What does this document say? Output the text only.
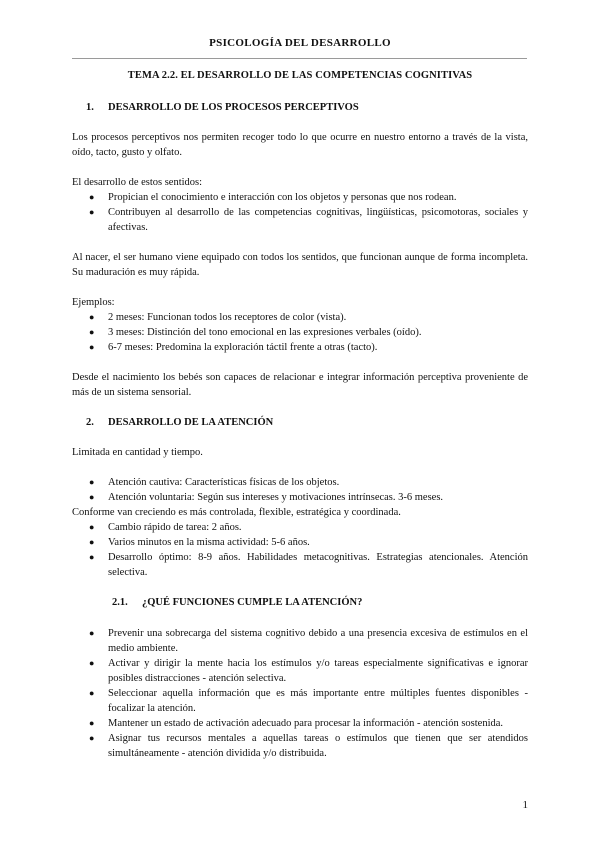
PSICOLOGÍA DEL DESARROLLO
TEMA 2.2. EL DESARROLLO DE LAS COMPETENCIAS COGNITIVAS
1.	DESARROLLO DE LOS PROCESOS PERCEPTIVOS

Los procesos perceptivos nos permiten recoger todo lo que ocurre en nuestro entorno a través de la vista, oído, tacto, gusto y olfato.

El desarrollo de estos sentidos:

● Propician el conocimiento e interacción con los objetos y personas que nos rodean.
● Contribuyen al desarrollo de las competencias cognitivas, lingüísticas, psicomotoras, sociales y afectivas.

Al nacer, el ser humano viene equipado con todos los sentidos, que funcionan aunque de forma incompleta. Su maduración es muy rápida.

Ejemplos:

● 2 meses: Funcionan todos los receptores de color (vista).
● 3 meses: Distinción del tono emocional en las expresiones verbales (oído).
● 6-7 meses: Predomina la exploración táctil frente a otras (tacto).

Desde el nacimiento los bebés son capaces de relacionar e integrar información perceptiva proveniente de más de un sistema sensorial.

2.	DESARROLLO DE LA ATENCIÓN

Limitada en cantidad y tiempo.

● Atención cautiva: Características físicas de los objetos.
● Atención voluntaria: Según sus intereses y motivaciones intrínsecas. 3-6 meses.

Conforme van creciendo es más controlada, flexible, estratégica y coordinada.

● Cambio rápido de tarea: 2 años.
● Varios minutos en la misma actividad: 5-6 años.
● Desarrollo óptimo: 8-9 años. Habilidades metacognitivas. Estrategias atencionales. Atención selectiva.
2.1. ¿QUÉ FUNCIONES CUMPLE LA ATENCIÓN?
● Prevenir una sobrecarga del sistema cognitivo debido a una presencia excesiva de estímulos en el medio ambiente.
● Activar y dirigir la mente hacia los estímulos y/o tareas especialmente significativas e ignorar posibles distracciones - atención selectiva.
● Seleccionar aquella información que es más importante entre múltiples fuentes disponibles - focalizar la atención.
● Mantener un estado de activación adecuado para procesar la información - atención sostenida.
● Asignar tus recursos mentales a aquellas tareas o estímulos que tienen que ser atendidos simultáneamente - atención dividida y/o distribuida.
1
